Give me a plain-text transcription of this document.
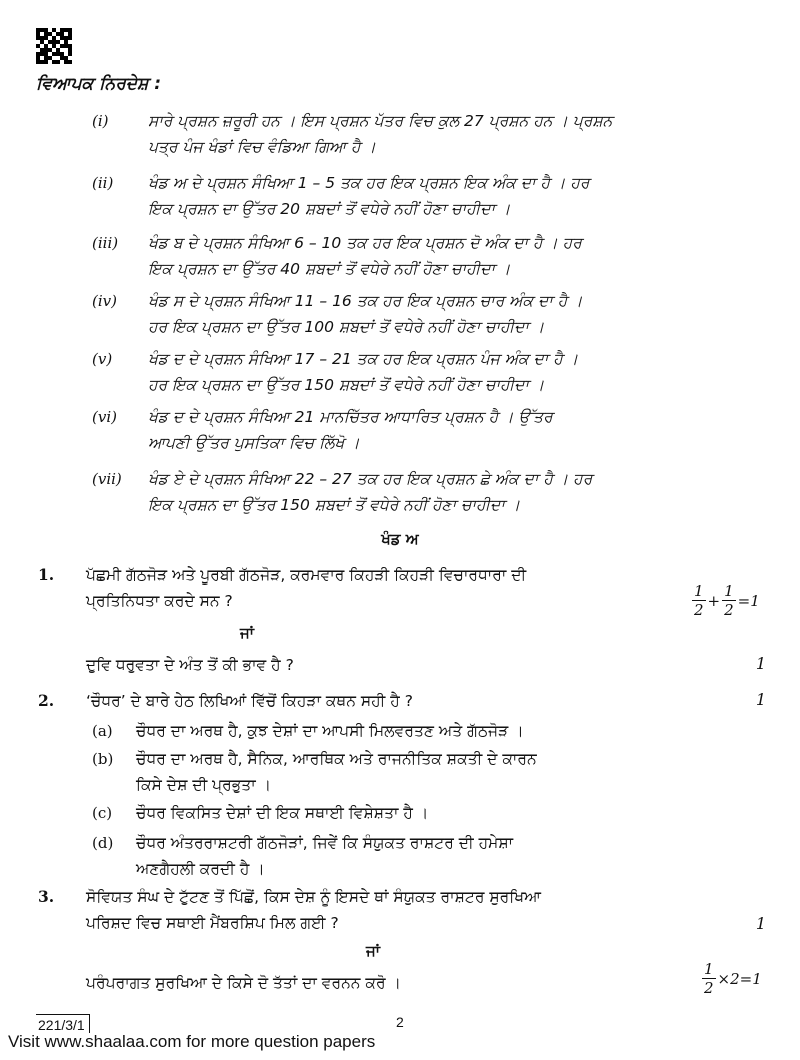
ਵਿਆਪਕ ਨਿਰਦੇਸ਼ :
(i)	ਸਾਰੇ ਪ੍ਰਸ਼ਨ ਜ਼ਰੂਰੀ ਹਨ । ਇਸ ਪ੍ਰਸ਼ਨ ਪੱਤਰ ਵਿਚ ਕੁਲ 27 ਪ੍ਰਸ਼ਨ ਹਨ । ਪ੍ਰਸ਼ਨ
ਪਤ੍ਰ ਪੰਜ ਖੰਡਾਂ ਵਿਚ ਵੰਡਿਆ ਗਿਆ ਹੈ ।
(ii) ਖੰਡ ਅ ਦੇ ਪ੍ਰਸ਼ਨ ਸੰਖਿਆ 1 – 5 ਤਕ ਹਰ ਇਕ ਪ੍ਰਸ਼ਨ ਇਕ ਅੰਕ ਦਾ ਹੈ । ਹਰ
ਇਕ ਪ੍ਰਸ਼ਨ ਦਾ ਉੱਤਰ 20 ਸ਼ਬਦਾਂ ਤੋਂ ਵਧੇਰੇ ਨਹੀਂ ਹੋਣਾ ਚਾਹੀਦਾ ।
(iii) ਖੰਡ ਬ ਦੇ ਪ੍ਰਸ਼ਨ ਸੰਖਿਆ 6 – 10 ਤਕ ਹਰ ਇਕ ਪ੍ਰਸ਼ਨ ਦੋ ਅੰਕ ਦਾ ਹੈ । ਹਰ
ਇਕ ਪ੍ਰਸ਼ਨ ਦਾ ਉੱਤਰ 40 ਸ਼ਬਦਾਂ ਤੋਂ ਵਧੇਰੇ ਨਹੀਂ ਹੋਣਾ ਚਾਹੀਦਾ ।
(iv) ਖੰਡ ਸ ਦੇ ਪ੍ਰਸ਼ਨ ਸੰਖਿਆ 11 – 16 ਤਕ ਹਰ ਇਕ ਪ੍ਰਸ਼ਨ ਚਾਰ ਅੰਕ ਦਾ ਹੈ ।
ਹਰ ਇਕ ਪ੍ਰਸ਼ਨ ਦਾ ਉੱਤਰ 100 ਸ਼ਬਦਾਂ ਤੋਂ ਵਧੇਰੇ ਨਹੀਂ ਹੋਣਾ ਚਾਹੀਦਾ ।
(v) ਖੰਡ ਦ ਦੇ ਪ੍ਰਸ਼ਨ ਸੰਖਿਆ 17 – 21 ਤਕ ਹਰ ਇਕ ਪ੍ਰਸ਼ਨ ਪੰਜ ਅੰਕ ਦਾ ਹੈ ।
ਹਰ ਇਕ ਪ੍ਰਸ਼ਨ ਦਾ ਉੱਤਰ 150 ਸ਼ਬਦਾਂ ਤੋਂ ਵਧੇਰੇ ਨਹੀਂ ਹੋਣਾ ਚਾਹੀਦਾ ।
(vi) ਖੰਡ ਦ ਦੇ ਪ੍ਰਸ਼ਨ ਸੰਖਿਆ 21 ਮਾਨਚਿੱਤਰ ਆਧਾਰਿਤ ਪ੍ਰਸ਼ਨ ਹੈ । ਉੱਤਰ
ਆਪਣੀ ਉੱਤਰ ਪੁਸਤਿਕਾ ਵਿਚ ਲਿੱਖੋ ।
(vii) ਖੰਡ ਏ ਦੇ ਪ੍ਰਸ਼ਨ ਸੰਖਿਆ 22 – 27 ਤਕ ਹਰ ਇਕ ਪ੍ਰਸ਼ਨ ਛੇ ਅੰਕ ਦਾ ਹੈ । ਹਰ
ਇਕ ਪ੍ਰਸ਼ਨ ਦਾ ਉੱਤਰ 150 ਸ਼ਬਦਾਂ ਤੋਂ ਵਧੇਰੇ ਨਹੀਂ ਹੋਣਾ ਚਾਹੀਦਾ ।
ਖੰਡ ਅ
1. ਪੱਛਮੀ ਗੱਠਜੋੜ ਅਤੇ ਪੂਰਬੀ ਗੱਠਜੋੜ, ਕਰਮਵਾਰ ਕਿਹੜੀ ਕਿਹੜੀ ਵਿਚਾਰਧਾਰਾ ਦੀ
ਪ੍ਰਤਿਨਿਧਤਾ ਕਰਦੇ ਸਨ ?	$\frac{1}{2} + \frac{1}{2} =1$
ਜਾਂ
ਦੁਵਿ ਧਰੁਵਤਾ ਦੇ ਅੰਤ ਤੋਂ ਕੀ ਭਾਵ ਹੈ ?	1
2. ‘ਚੌਧਰ’ ਦੇ ਬਾਰੇ ਹੇਠ ਲਿਖਿਆਂ ਵਿੱਚੋਂ ਕਿਹੜਾ ਕਥਨ ਸਹੀ ਹੈ ?	1
(a) ਚੌਧਰ ਦਾ ਅਰਥ ਹੈ, ਕੁਝ ਦੇਸ਼ਾਂ ਦਾ ਆਪਸੀ ਮਿਲਵਰਤਣ ਅਤੇ ਗੱਠਜੋੜ ।
(b) ਚੌਧਰ ਦਾ ਅਰਥ ਹੈ, ਸੈਨਿਕ, ਆਰਥਿਕ ਅਤੇ ਰਾਜਨੀਤਿਕ ਸ਼ਕਤੀ ਦੇ ਕਾਰਨ
ਕਿਸੇ ਦੇਸ਼ ਦੀ ਪ੍ਰਭੁਤਾ ।
(c) ਚੌਧਰ ਵਿਕਸਿਤ ਦੇਸ਼ਾਂ ਦੀ ਇਕ ਸਥਾਈ ਵਿਸ਼ੇਸ਼ਤਾ ਹੈ ।
(d) ਚੌਧਰ ਅੰਤਰਰਾਸ਼ਟਰੀ ਗੱਠਜੋੜਾਂ, ਜਿਵੇਂ ਕਿ ਸੰਯੁਕਤ ਰਾਸ਼ਟਰ ਦੀ ਹਮੇਸ਼ਾ
ਅਣਗੈਹਲੀ ਕਰਦੀ ਹੈ ।
3. ਸੋਵਿਯਤ ਸੰਘ ਦੇ ਟੁੱਟਣ ਤੋਂ ਪਿੱਛੋਂ, ਕਿਸ ਦੇਸ਼ ਨੂੰ ਇਸਦੇ ਥਾਂ ਸੰਯੁਕਤ ਰਾਸ਼ਟਰ ਸੁਰਖਿਆ
ਪਰਿਸ਼ਦ ਵਿਚ ਸਥਾਈ ਮੈਂਬਰਸ਼ਿਪ ਮਿਲ ਗਈ ?	1
ਜਾਂ
ਪਰੰਪਰਾਗਤ ਸੁਰਖਿਆ ਦੇ ਕਿਸੇ ਦੋ ਤੱਤਾਂ ਦਾ ਵਰਨਨ ਕਰੋ ।	$\frac{1}{2} \times 2=1$
221/3/1	2
Visit www.shaalaa.com for more question papers
